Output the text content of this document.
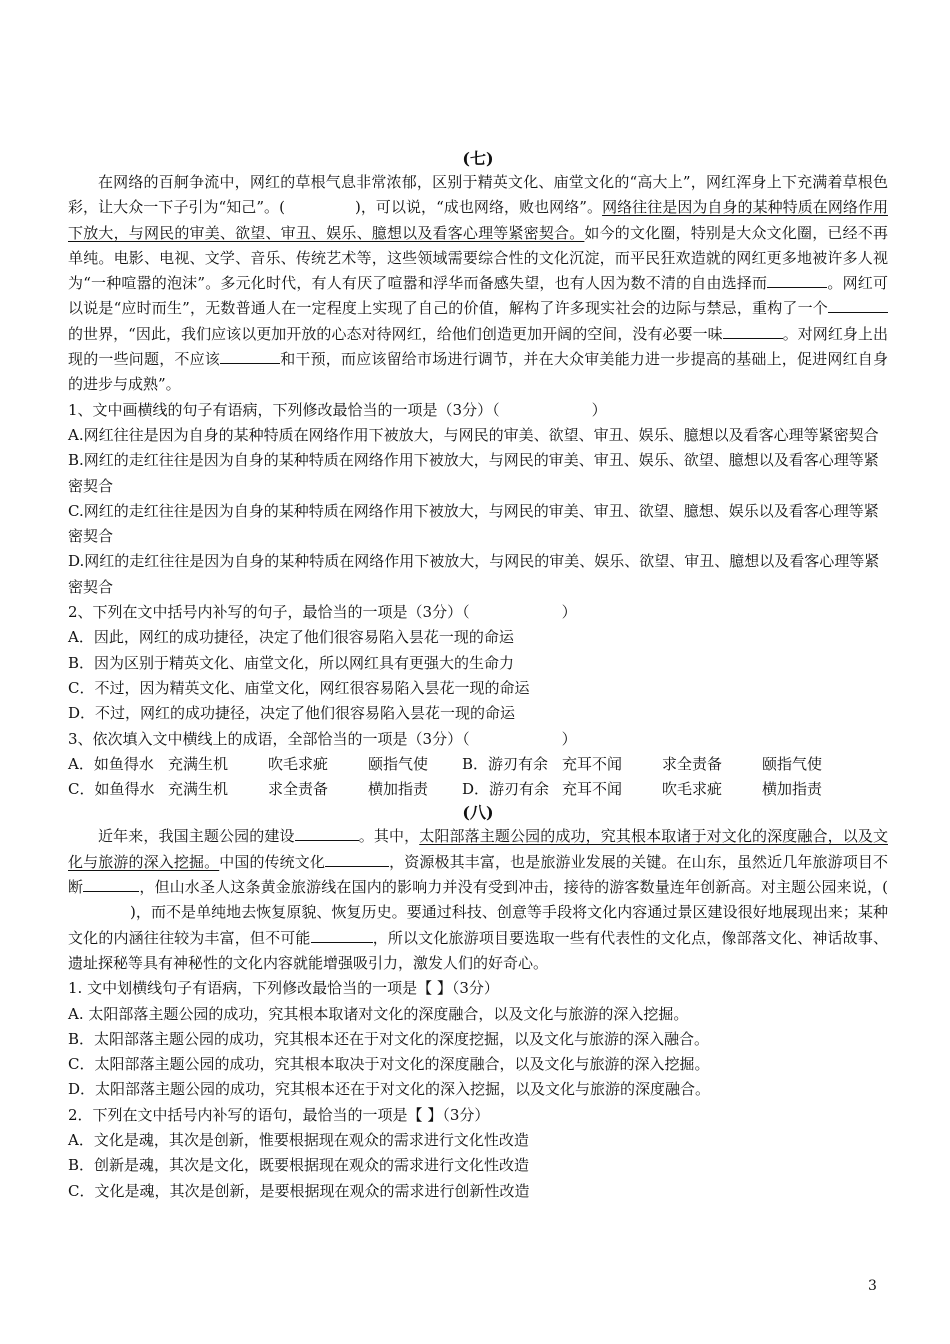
(七)

在网络的百舸争流中，网红的草根气息非常浓郁，区别于精英文化、庙堂文化的“高大上”，网红浑身上下充满着草根色彩，让大众一下子引为“知己”。(	)，可以说，“成也网络，败也网络”。网络往往是因为自身的某种特质在网络作用下放大，与网民的审美、欲望、审丑、娱乐、臆想以及看客心理等紧密契合。如今的文化圈，特别是大众文化圈，已经不再单纯。电影、电视、文学、音乐、传统艺术等，这些领域需要综合性的文化沉淀，而平民狂欢造就的网红更多地被许多人视为“一种喧嚣的泡沫”。多元化时代，有人有厌了喧嚣和浮华而备感失望，也有人因为数不清的自由选择而	。网红可以说是“应时而生”，无数普通人在一定程度上实现了自己的价值，解构了许多现实社会的边际与禁忌，重构了一个的世界，“因此，我们应该以更加开放的心态对待网红，给他们创造更加开阔的空间，没有必要一味	。对网红身上出现的一些问题，不应该	和干预，而应该留给市场进行调节，并在大众审美能力进一步提高的基础上，促进网红自身的进步与成熟”。

1、文中画横线的句子有语病，下列修改最恰当的一项是（3分）（	）

A.网红往往是因为自身的某种特质在网络作用下被放大，与网民的审美、欲望、审丑、娱乐、臆想以及看客心理等紧密契合

B.网红的走红往往是因为自身的某种特质在网络作用下被放大，与网民的审美、审丑、娱乐、欲望、臆想以及看客心理等紧密契合

C.网红的走红往往是因为自身的某种特质在网络作用下被放大，与网民的审美、审丑、欲望、臆想、娱乐以及看客心理等紧密契合

D.网红的走红往往是因为自身的某种特质在网络作用下被放大，与网民的审美、娱乐、欲望、审丑、臆想以及看客心理等紧密契合

2、下列在文中括号内补写的句子，最恰当的一项是（3分）（	）

A．因此，网红的成功捷径，决定了他们很容易陷入昙花一现的命运

B．因为区别于精英文化、庙堂文化，所以网红具有更强大的生命力

C．不过，因为精英文化、庙堂文化，网红很容易陷入昙花一现的命运

D．不过，网红的成功捷径，决定了他们很容易陷入昙花一现的命运

3、依次填入文中横线上的成语，全部恰当的一项是（3分）（	）

A．如鱼得水 充满生机	吹毛求疵	颐指气使	B．游刃有余 充耳不闻	求全责备	颐指气使
C．如鱼得水 充满生机	求全责备	横加指责	D．游刃有余 充耳不闻	吹毛求疵	横加指责

(八)

近年来，我国主题公园的建设	。其中，太阳部落主题公园的成功，究其根本取诸于对文化的深度融合，以及文化与旅游的深入挖掘。中国的传统文化	，资源极其丰富，也是旅游业发展的关键。在山东，虽然近几年旅游项目不断	，但山水圣人这条黄金旅游线在国内的影响力并没有受到冲击，接待的游客数量连年创新高。对主题公园来说，()，而不是单纯地去恢复原貌、恢复历史。要通过科技、创意等手段将文化内容通过景区建设很好地展现出来；某种文化的内涵往往较为丰富，但不可能	，所以文化旅游项目要选取一些有代表性的文化点，像部落文化、神话故事、遗址探秘等具有神秘性的文化内容就能增强吸引力，激发人们的好奇心。

1. 文中划横线句子有语病，下列修改最恰当的一项是【 】（3分）

A. 太阳部落主题公园的成功，究其根本取诸对文化的深度融合，以及文化与旅游的深入挖掘。

B．太阳部落主题公园的成功，究其根本还在于对文化的深度挖掘，以及文化与旅游的深入融合。

C．太阳部落主题公园的成功，究其根本取决于对文化的深度融合，以及文化与旅游的深入挖掘。

D．太阳部落主题公园的成功，究其根本还在于对文化的深入挖掘，以及文化与旅游的深度融合。

2．下列在文中括号内补写的语句，最恰当的一项是【 】（3分）

A．文化是魂，其次是创新，惟要根据现在观众的需求进行文化性改造

B．创新是魂，其次是文化，既要根据现在观众的需求进行文化性改造

C．文化是魂，其次是创新，是要根据现在观众的需求进行创新性改造

3
